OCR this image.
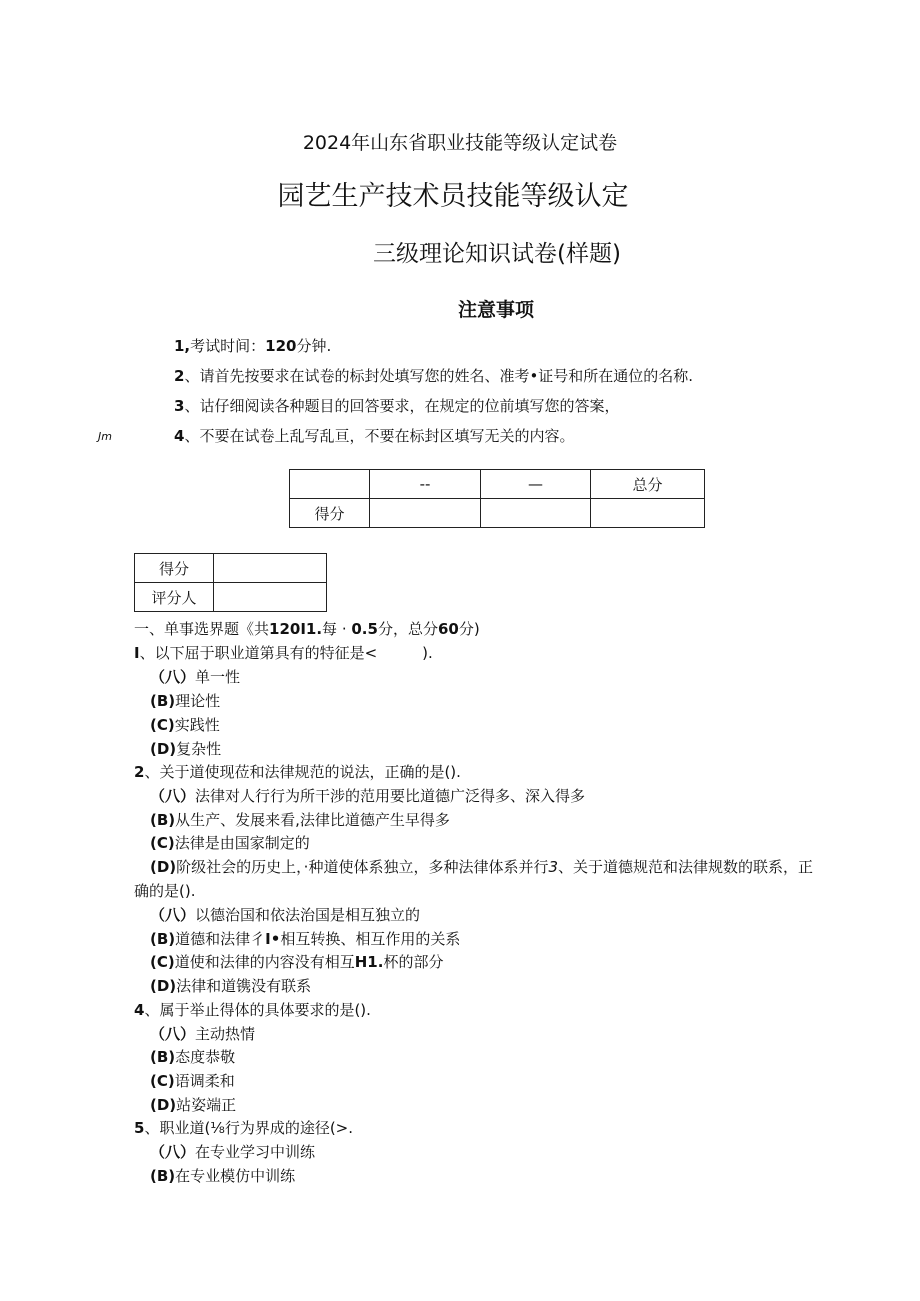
2024年山东省职业技能等级认定试卷
园艺生产技术员技能等级认定
三级理论知识试卷(样题)
注意事项
1,考试时间：120分钟.
2、请首先按要求在试卷的标封处填写您的姓名、准考•证号和所在通位的名称.
3、诂仔细阅读各种题目的回答要求，在规定的位前填写您的答案，
Jm	4、不要在试卷上乱写乱亘，不要在标封区填写无关的内容。
	--	—	总分
得分			
得分	
评分人	
一、单事选界题《共120I1.每 · 0.5分，总分60分)
I、以下屈于职业道第具有的特征是<　　　).
（八）单一性
(B)理论性
(C)实践性
(D)复杂性
2、关于道使现莅和法律规范的说法，正确的是().
（八）法律对人行行为所干涉的范用要比道德广泛得多、深入得多
(B)从生产、发展来看,法律比道德产生早得多
(C)法律是由国家制定的
(D)阶级社会的历史上，·种道使体系独立，多种法律体系并行3、关于道德规范和法律规数的联系，正
确的是().
（八）以德治国和依法治国是相互独立的
(B)道德和法律彳I•相互转换、相互作用的关系
(C)道使和法律的内容没有相互H1.杯的部分
(D)法律和道镌没有联系
4、属于举止得体的具体要求的是().
（八）主动热情
(B)态度恭敬
(C)语调柔和
(D)站姿端正
5、职业道(⅛行为界成的途径(>.
（八）在专业学习中训练
(B)在专业模仿中训练
